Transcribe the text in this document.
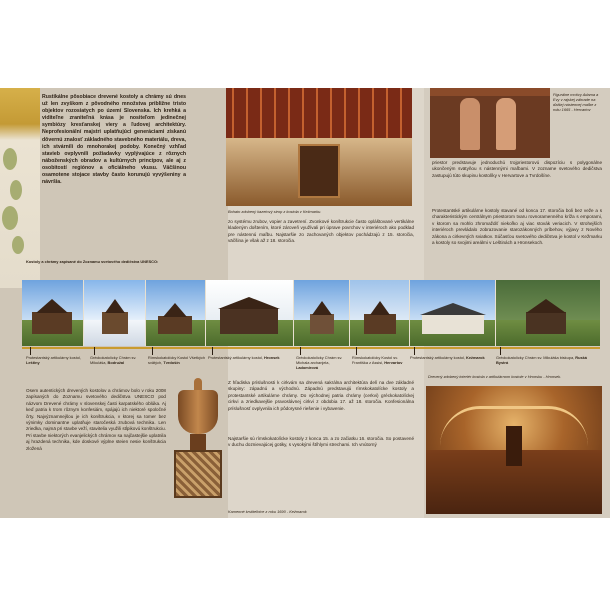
Rustikálne pôsobiace drevené kostoly a chrámy sú dnes už len zvyškom z pôvodného množstva približne tristo objektov rozosiatych po území Slovenska. Ich krehká a viditeľne zraniteľná krása je nositeľom jedinečnej symbiózy kresťanskej viery a ľudovej architektúry. Neprofesionální majstri uplatňujúci generáciami získanú dôvernú znalosť základného stavebného materiálu, dreva, ich stvárnili do mnohorakej podoby. Konečný vzhľad stavieb ovplyvnili požiadavky vyplývajúce z rôznych náboženských obradov a kultúrnych princípov, ale aj z osobitostí regiónov a oficiálneho vkusu. Väčšinou osamotene stojace stavby často korunujú vyvýšeniny a návršia.
Bohato zdobený kazetový strop z kostola v Kežmarku.
zo systému zrubov, vopier a zavetrení. Zvonkové konštrukcie často opláštované vertikálne kladeným doštením, ktoré zároveň využívali pri úprave povrchov v interiéroch ako podklad pre nástennú maľbu. Najstaršie zo zachovaných objektov pochádzajú z 15. storočia, väčšina je však až z 18. storočia.
Figurálne motívy Adama a Evy v rajskej záhrade na ďalšej nástennej maľbe z roku 1665 - Hervartov
priestor predstavuje jednoduchú trojpriestorovú dispozíciu s polygonálne ukončeným svätyňou s nástennými maľbami. V zozname svetového dedičstva zastupujú túto skupinu kostolíky v Hervartove a Tvrdošíne.
Protestantské artikulárne kostoly stavané od konca 17. storočia boli bez veže a s charakteristickým centrálnym priestorom tvaru rovnoramenného kríža s emporami, v ktorom sa mohlo zhromaždiť niekoľko aj viac stovák veriacich. V strohejších interiéroch prevládalo zobrazovanie starozákonných príbehov, výjavy z Nového zákona a cirkevných sviatkov. Súčasťou svetového dedičstva je kostol v Kežmarku a kostoly so svojimi areálmi v Leštinách a Hronsekoch.
Kostoly a chrámy zapísané do Zoznamu svetového dedičstva UNESCO:
Protestantský artikulárny kostol, Leštiny
Gréckokatolícky Chrám sv. Mikuláša, Bodružal
Rímskokatolícky Kostol Všetkých svätých, Tvrdošín
Protestantský artikulárny kostol, Hronsek	Gréckokatolícky Chrám sv. Michala archanjela, Ladomirová
Rímskokatolícky Kostol sv. Františka z Assisi, Hervartov
Protestantský artikulárny kostol, Kežmarok	Gréckokatolícky Chrám sv. Mikuláša biskupa, Ruská Bystrá
Osem autentických drevených kostolov a chrámov bolo v roku 2008 zapísaných do Zoznamu svetového dedičstva UNESCO pod názvom Drevené chrámy v slovenskej časti karpatského oblúka. Aj keď patria k trom rôznym konfesiám, spájajú ich niektoré spoločné črty. Najvýznamnejšou je ich konštrukcia, v ktorej sa tomer bez výnimky dominantne uplatňuje staročeská zrubová technika. Len zriedka, najmä pri stavbe veží, stavitelia využili stĺpikovú konštrukciu. Pri stavbe niektorých evanjelických chrámov sa najčastejšie uplatnila aj hrazdená technika, kde doskové výplne steien nesie konštrukcia zložená
Z hľadiska príslušnosti k cirkvám sa drevená sakrálna architektúra delí na dve základné skupiny: západnú a východnú. Západnú predstavujú rímskokatolícke kostoly a protestantské artikulárne chrámy. Do východnej patria chrámy (cerkvi) gréckokatolíckej cirkvi a zriedkavejšie pravoslávnej cirkvi z obdobia 17. až 18. storočia. Konfesionálna príslušnosť ovplyvnila ich pôdorysné riešenie i vybavenie.
Najstaršie sú rímskokatolícke kostoly z konca 15. a zo začiatku 16. storočia. So postavené v duchu doznievajúcej gotiky, s vysokými štíhlymi strechami. Ich vnútorný
Kamenné krstiteľnice z roku 1690 - Kežmarok
Drevený zdobený interiér kostola v artikulárnom kostole v Hronsku - Hronsek.
